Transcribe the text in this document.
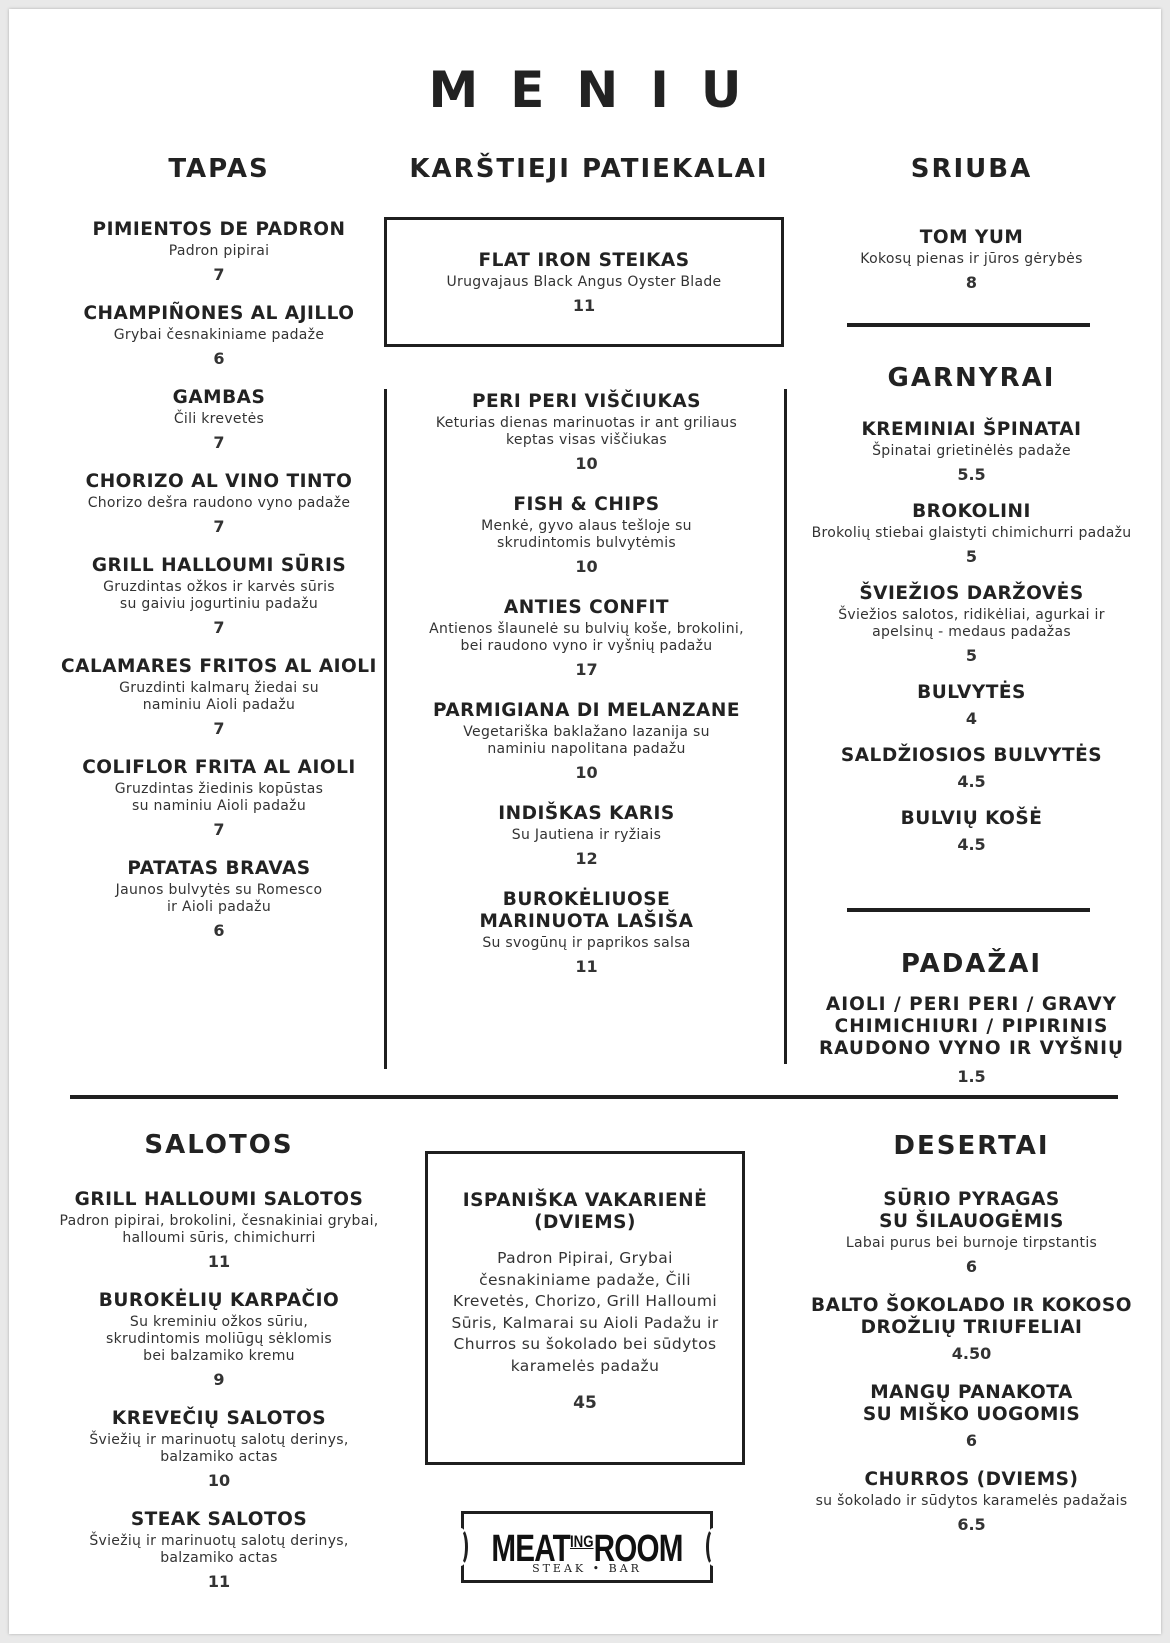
MENIU
TAPAS
PIMIENTOS DE PADRON
Padron pipirai
7
CHAMPIÑONES AL AJILLO
Grybai česnakiniame padaže
6
GAMBAS
Čili krevetės
7
CHORIZO AL VINO TINTO
Chorizo dešra raudono vyno padaže
7
GRILL HALLOUMI SŪRIS
Gruzdintas ožkos ir karvės sūris
su gaiviu jogurtiniu padažu
7
CALAMARES FRITOS AL AIOLI
Gruzdinti kalmarų žiedai su
naminiu Aioli padažu
7
COLIFLOR FRITA AL AIOLI
Gruzdintas žiedinis kopūstas
su naminiu Aioli padažu
7
PATATAS BRAVAS
Jaunos bulvytės su Romesco
ir Aioli padažu
6
KARŠTIEJI PATIEKALAI
FLAT IRON STEIKAS
Urugvajaus Black Angus Oyster Blade
11
PERI PERI VIŠČIUKAS
Keturias dienas marinuotas ir ant griliaus
keptas visas viščiukas
10
FISH & CHIPS
Menkė, gyvo alaus tešloje su
skrudintomis bulvytėmis
10
ANTIES CONFIT
Antienos šlaunelė su bulvių koše, brokolini,
bei raudono vyno ir vyšnių padažu
17
PARMIGIANA DI MELANZANE
Vegetariška baklažano lazanija su
naminiu napolitana padažu
10
INDIŠKAS KARIS
Su Jautiena ir ryžiais
12
BUROKĖLIUOSE
MARINUOTA LAŠIŠA
Su svogūnų ir paprikos salsa
11
SRIUBA
TOM YUM
Kokosų pienas ir jūros gėrybės
8
GARNYRAI
KREMINIAI ŠPINATAI
Špinatai grietinėlės padaže
5.5
BROKOLINI
Brokolių stiebai glaistyti chimichurri padažu
5
ŠVIEŽIOS DARŽOVĖS
Šviežios salotos, ridikėliai, agurkai ir
apelsinų - medaus padažas
5
BULVYTĖS
4
SALDŽIOSIOS BULVYTĖS
4.5
BULVIŲ KOŠĖ
4.5
PADAŽAI
AIOLI / PERI PERI / GRAVY
CHIMICHIURI / PIPIRINIS
RAUDONO VYNO IR VYŠNIŲ
1.5
SALOTOS
GRILL HALLOUMI SALOTOS
Padron pipirai, brokolini, česnakiniai grybai,
halloumi sūris, chimichurri
11
BUROKĖLIŲ KARPAČIO
Su kreminiu ožkos sūriu,
skrudintomis moliūgų sėklomis
bei balzamiko kremu
9
KREVEČIŲ SALOTOS
Šviežių ir marinuotų salotų derinys,
balzamiko actas
10
STEAK SALOTOS
Šviežių ir marinuotų salotų derinys,
balzamiko actas
11
ISPANIŠKA VAKARIENĖ
(DVIEMS)
Padron Pipirai, Grybai
česnakiniame padaže, Čili
Krevetės, Chorizo, Grill Halloumi
Sūris, Kalmarai su Aioli Padažu ir
Churros su šokolado bei sūdytos
karamelės padažu
45
$MEAT^{ING}ROOM$
STEAK • BAR
DESERTAI
SŪRIO PYRAGAS
SU ŠILAUOGĖMIS
Labai purus bei burnoje tirpstantis
6
BALTO ŠOKOLADO IR KOKOSO
DROŽLIŲ TRIUFELIAI
4.50
MANGŲ PANAKOTA
SU MIŠKO UOGOMIS
6
CHURROS (DVIEMS)
su šokolado ir sūdytos karamelės padažais
6.5
